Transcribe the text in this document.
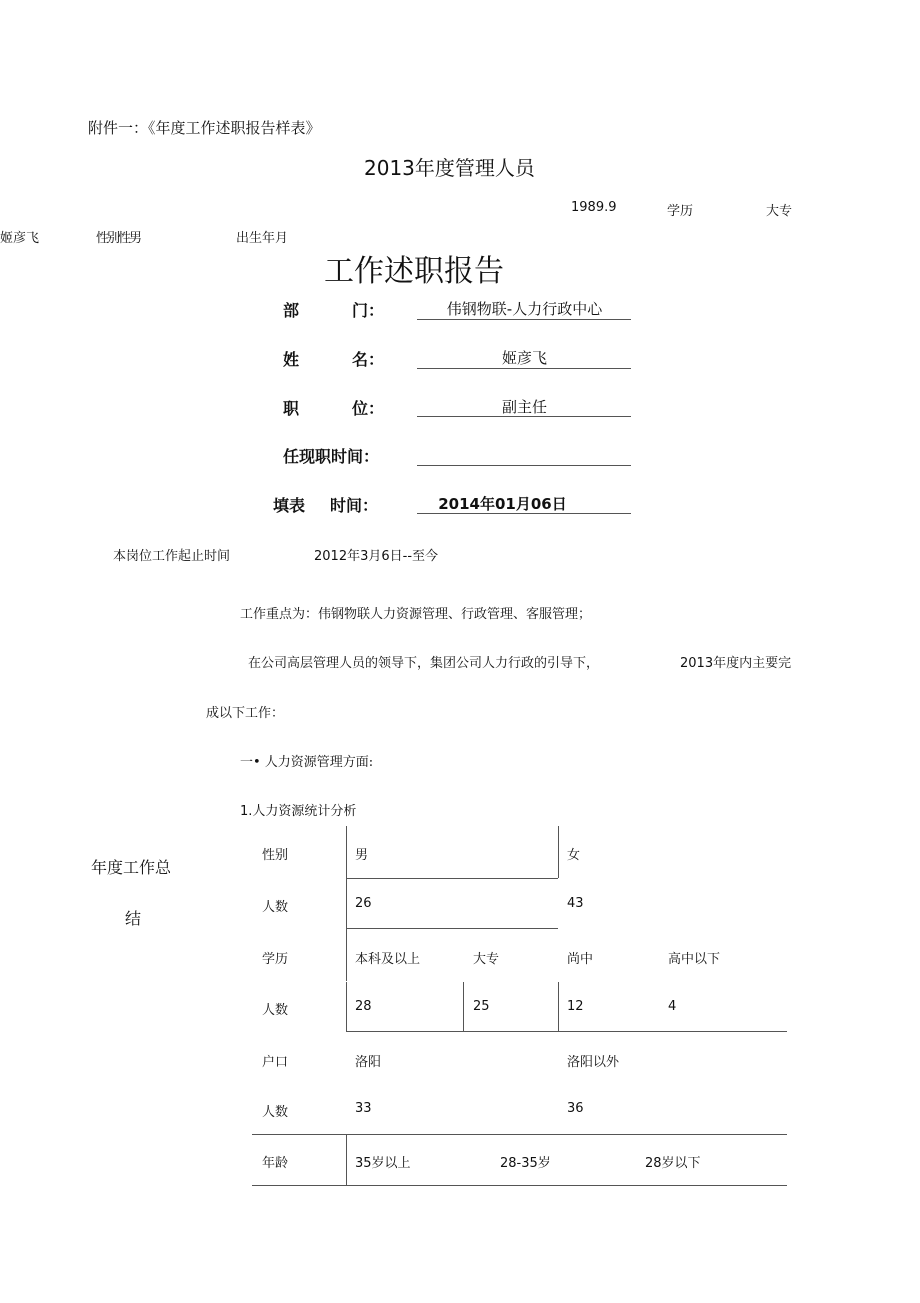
附件一：《年度工作述职报告样表》
2013年度管理人员
1989.9	学历	大专
姬彦飞	性别性男	出生年月
工作述职报告
部	门：	伟钢物联-人力行政中心
姓	名：	姬彦飞
职	位：	副主任
任现职时间：
填表 时间：	2014年01月06日
本岗位工作起止时间	2012年3月6日--至今
工作重点为：伟钢物联人力资源管理、行政管理、客服管理；
在公司高层管理人员的领导下，集团公司人力行政的引导下，	2013年度内主要完
成以下工作：
一• 人力资源管理方面:
1.人力资源统计分析
年度工作总
结
性别	男	女
人数	26	43
学历	本科及以上	大专	尚中	高中以下
人数	28	25	12	4
户口	洛阳	洛阳以外
人数	33	36
年龄	35岁以上	28-35岁	28岁以下
